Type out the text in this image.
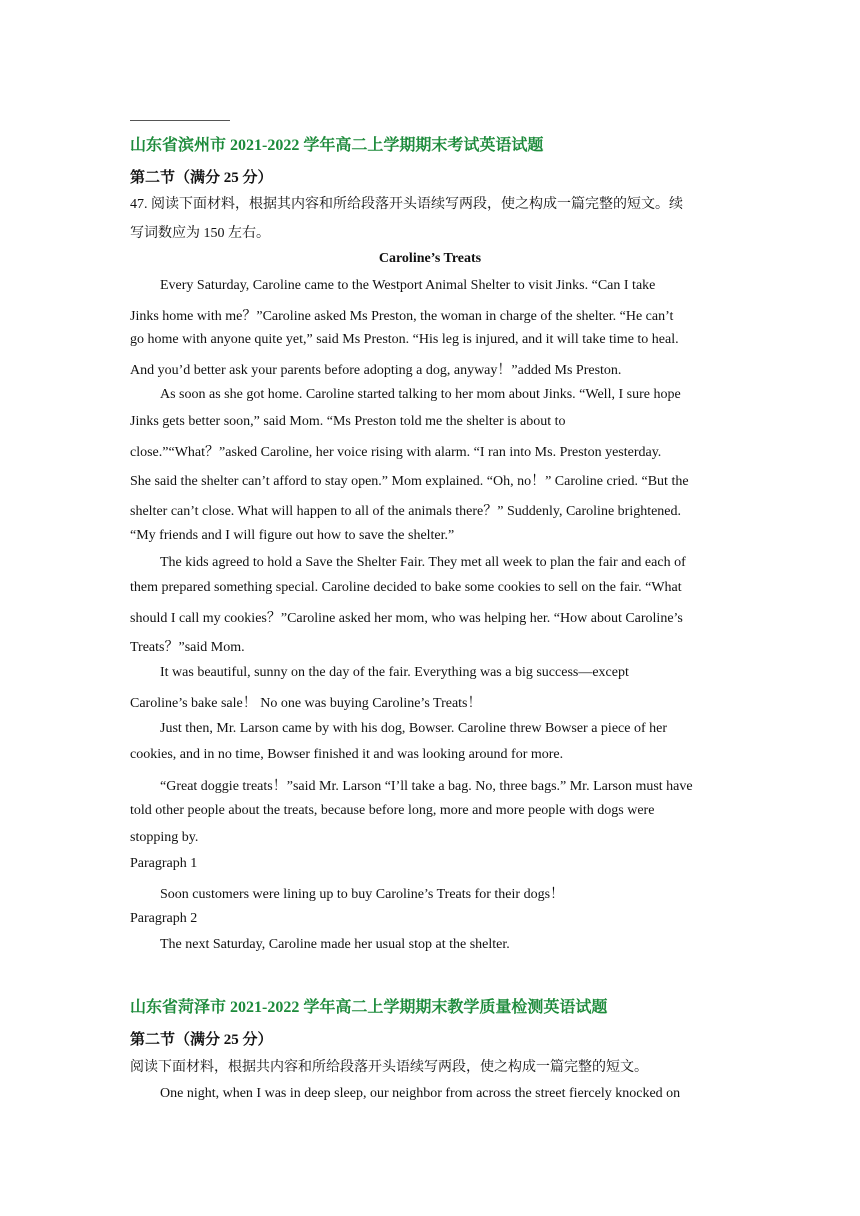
山东省滨州市 2021-2022 学年高二上学期期末考试英语试题
第二节（满分 25 分）
47. 阅读下面材料，根据其内容和所给段落开头语续写两段，使之构成一篇完整的短文。续
写词数应为 150 左右。
Caroline’s Treats
Every Saturday, Caroline came to the Westport Animal Shelter to visit Jinks. “Can I take
Jinks home with me？”Caroline asked Ms Preston, the woman in charge of the shelter. “He can’t
go home with anyone quite yet,” said Ms Preston. “His leg is injured, and it will take time to heal.
And you’d better ask your parents before adopting a dog, anyway！”added Ms Preston.
As soon as she got home. Caroline started talking to her mom about Jinks. “Well, I sure hope
Jinks gets better soon,” said Mom. “Ms Preston told me the shelter is about to
close.”“What？”asked Caroline, her voice rising with alarm. “I ran into Ms. Preston yesterday.
She said the shelter can’t afford to stay open.” Mom explained. “Oh, no！” Caroline cried. “But the
shelter can’t close. What will happen to all of the animals there？” Suddenly, Caroline brightened.
“My friends and I will figure out how to save the shelter.”
The kids agreed to hold a Save the Shelter Fair. They met all week to plan the fair and each of
them prepared something special. Caroline decided to bake some cookies to sell on the fair. “What
should I call my cookies？”Caroline asked her mom, who was helping her. “How about Caroline’s
Treats？”said Mom.
It was beautiful, sunny on the day of the fair. Everything was a big success—except
Caroline’s bake sale！ No one was buying Caroline’s Treats！
Just then, Mr. Larson came by with his dog, Bowser. Caroline threw Bowser a piece of her
cookies, and in no time, Bowser finished it and was looking around for more.
“Great doggie treats！”said Mr. Larson “I’ll take a bag. No, three bags.” Mr. Larson must have
told other people about the treats, because before long, more and more people with dogs were
stopping by.
Paragraph 1
Soon customers were lining up to buy Caroline’s Treats for their dogs！
Paragraph 2
The next Saturday, Caroline made her usual stop at the shelter.
山东省菏泽市 2021-2022 学年高二上学期期末教学质量检测英语试题
第二节（满分 25 分）
阅读下面材料，根据共内容和所给段落开头语续写两段，使之构成一篇完整的短文。
One night, when I was in deep sleep, our neighbor from across the street fiercely knocked on
